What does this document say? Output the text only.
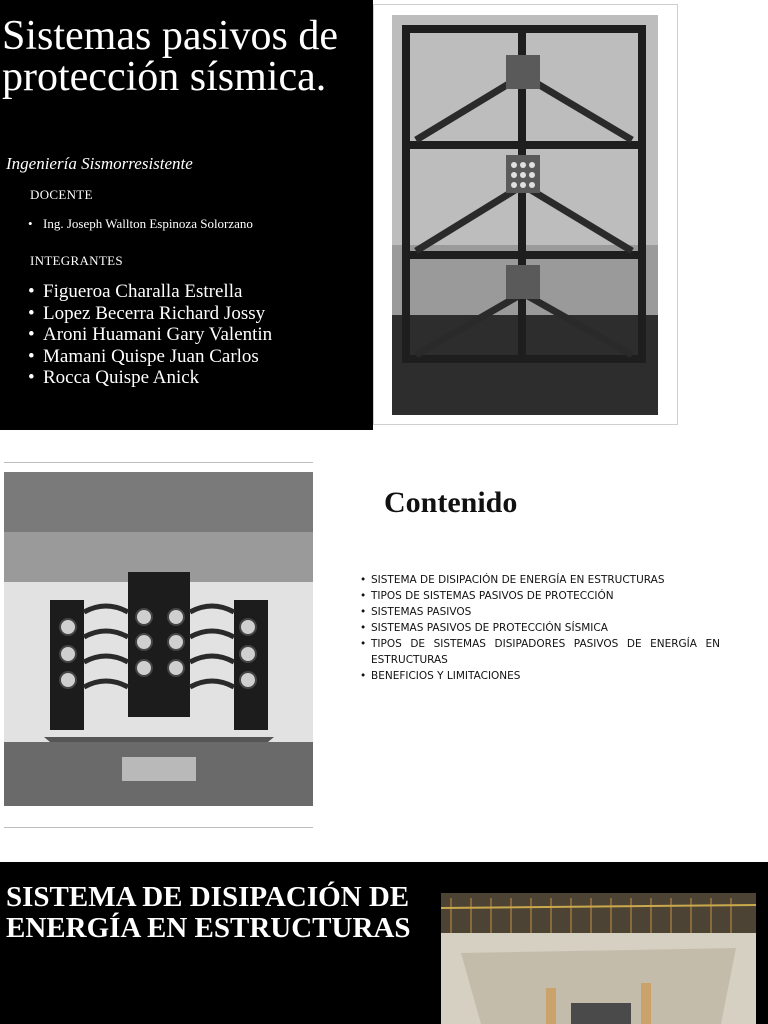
Sistemas pasivos de protección sísmica.
Ingeniería Sismorresistente
DOCENTE
• Ing. Joseph Wallton Espinoza Solorzano
INTEGRANTES
• Figueroa Charalla Estrella
• Lopez Becerra Richard Jossy
• Aroni Huamani Gary Valentin
• Mamani Quispe Juan Carlos
• Rocca Quispe Anick
Contenido
• SISTEMA DE DISIPACIÓN DE ENERGÍA EN ESTRUCTURAS
• TIPOS DE SISTEMAS PASIVOS DE PROTECCIÓN
• SISTEMAS PASIVOS
• SISTEMAS PASIVOS DE PROTECCIÓN SÍSMICA
• TIPOS DE SISTEMAS DISIPADORES PASIVOS DE ENERGÍA EN ESTRUCTURAS
• BENEFICIOS Y LIMITACIONES
SISTEMA DE DISIPACIÓN DE ENERGÍA EN ESTRUCTURAS
